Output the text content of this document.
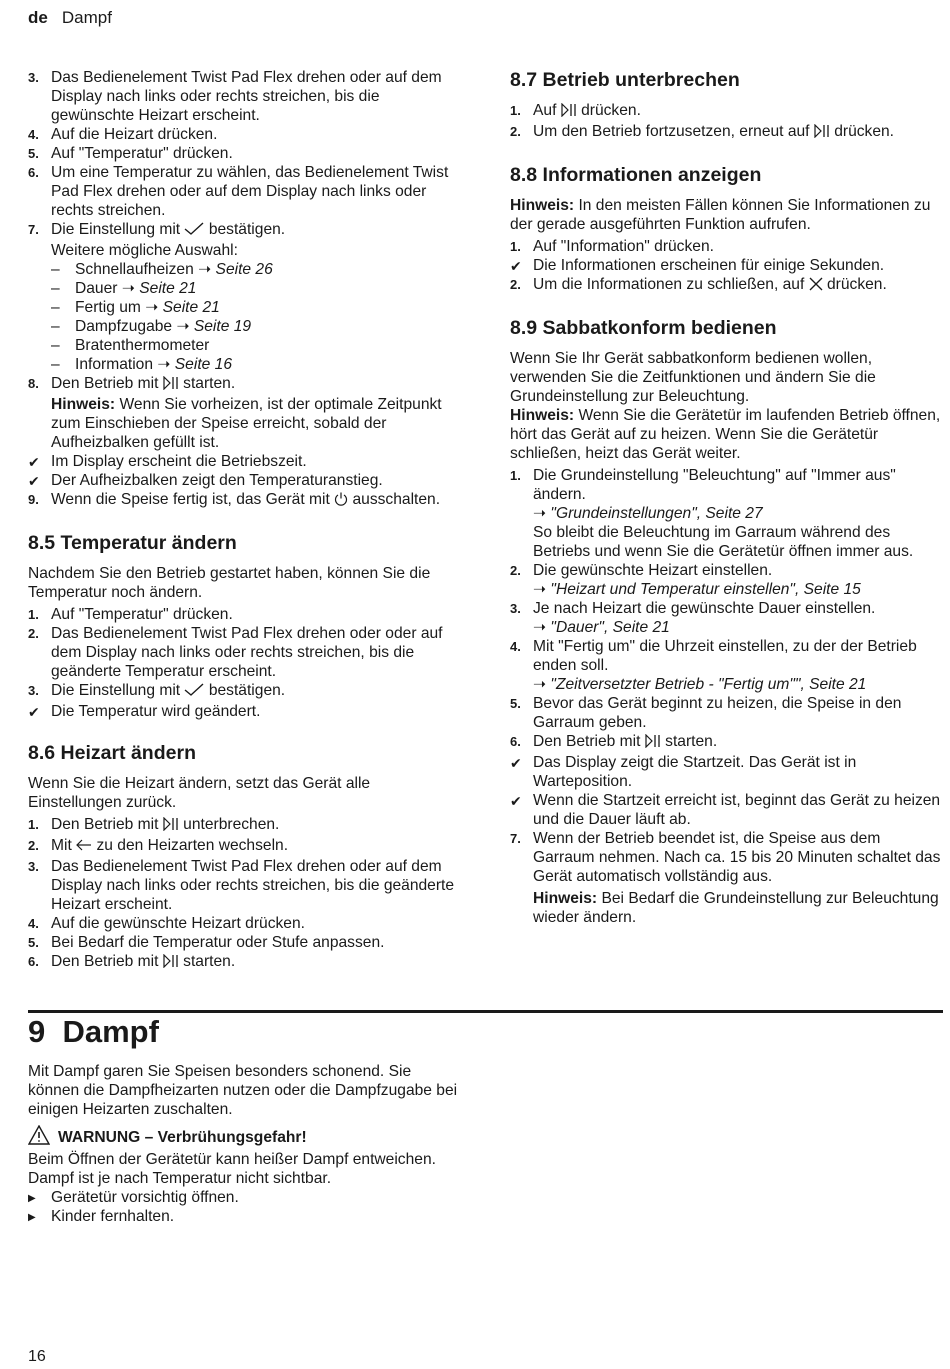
de Dampf
3. Das Bedienelement Twist Pad Flex drehen oder auf dem Display nach links oder rechts streichen, bis die gewünschte Heizart erscheint.
4. Auf die Heizart drücken.
5. Auf "Temperatur" drücken.
6. Um eine Temperatur zu wählen, das Bedienelement Twist Pad Flex drehen oder auf dem Display nach links oder rechts streichen.
7. Die Einstellung mit bestätigen.
Weitere mögliche Auswahl:
– Schnellaufheizen ➝ Seite 26
– Dauer ➝ Seite 21
– Fertig um ➝ Seite 21
– Dampfzugabe ➝ Seite 19
– Bratenthermometer
– Information ➝ Seite 16
8. Den Betrieb mit starten.
Hinweis: Wenn Sie vorheizen, ist der optimale Zeitpunkt zum Einschieben der Speise erreicht, sobald der Aufheizbalken gefüllt ist.
✔ Im Display erscheint die Betriebszeit.
✔ Der Aufheizbalken zeigt den Temperaturanstieg.
9. Wenn die Speise fertig ist, das Gerät mit ausschalten.
8.5 Temperatur ändern
Nachdem Sie den Betrieb gestartet haben, können Sie die Temperatur noch ändern.
1. Auf "Temperatur" drücken.
2. Das Bedienelement Twist Pad Flex drehen oder oder auf dem Display nach links oder rechts streichen, bis die geänderte Temperatur erscheint.
3. Die Einstellung mit bestätigen.
✔ Die Temperatur wird geändert.
8.6 Heizart ändern
Wenn Sie die Heizart ändern, setzt das Gerät alle Einstellungen zurück.
1. Den Betrieb mit unterbrechen.
2. Mit zu den Heizarten wechseln.
3. Das Bedienelement Twist Pad Flex drehen oder auf dem Display nach links oder rechts streichen, bis die geänderte Heizart erscheint.
4. Auf die gewünschte Heizart drücken.
5. Bei Bedarf die Temperatur oder Stufe anpassen.
6. Den Betrieb mit starten.
8.7 Betrieb unterbrechen
1. Auf drücken.
2. Um den Betrieb fortzusetzen, erneut auf drücken.
8.8 Informationen anzeigen
Hinweis: In den meisten Fällen können Sie Informationen zu der gerade ausgeführten Funktion aufrufen.
1. Auf "Information" drücken.
✔ Die Informationen erscheinen für einige Sekunden.
2. Um die Informationen zu schließen, auf drücken.
8.9 Sabbatkonform bedienen
Wenn Sie Ihr Gerät sabbatkonform bedienen wollen, verwenden Sie die Zeitfunktionen und ändern Sie die Grundeinstellung zur Beleuchtung.
Hinweis: Wenn Sie die Gerätetür im laufenden Betrieb öffnen, hört das Gerät auf zu heizen. Wenn Sie die Gerätetür schließen, heizt das Gerät weiter.
1. Die Grundeinstellung "Beleuchtung" auf "Immer aus" ändern.
➝ "Grundeinstellungen", Seite 27
So bleibt die Beleuchtung im Garraum während des Betriebs und wenn Sie die Gerätetür öffnen immer aus.
2. Die gewünschte Heizart einstellen.
➝ "Heizart und Temperatur einstellen", Seite 15
3. Je nach Heizart die gewünschte Dauer einstellen.
➝ "Dauer", Seite 21
4. Mit "Fertig um" die Uhrzeit einstellen, zu der der Betrieb enden soll.
➝ "Zeitversetzter Betrieb - "Fertig um"", Seite 21
5. Bevor das Gerät beginnt zu heizen, die Speise in den Garraum geben.
6. Den Betrieb mit starten.
✔ Das Display zeigt die Startzeit. Das Gerät ist in Warteposition.
✔ Wenn die Startzeit erreicht ist, beginnt das Gerät zu heizen und die Dauer läuft ab.
7. Wenn der Betrieb beendet ist, die Speise aus dem Garraum nehmen. Nach ca. 15 bis 20 Minuten schaltet das Gerät automatisch vollständig aus.
Hinweis: Bei Bedarf die Grundeinstellung zur Beleuchtung wieder ändern.
9  Dampf
Mit Dampf garen Sie Speisen besonders schonend. Sie können die Dampfheizarten nutzen oder die Dampfzugabe bei einigen Heizarten zuschalten.
WARNUNG – Verbrühungsgefahr!
Beim Öffnen der Gerätetür kann heißer Dampf entweichen. Dampf ist je nach Temperatur nicht sichtbar.
▶ Gerätetür vorsichtig öffnen.
▶ Kinder fernhalten.
16
